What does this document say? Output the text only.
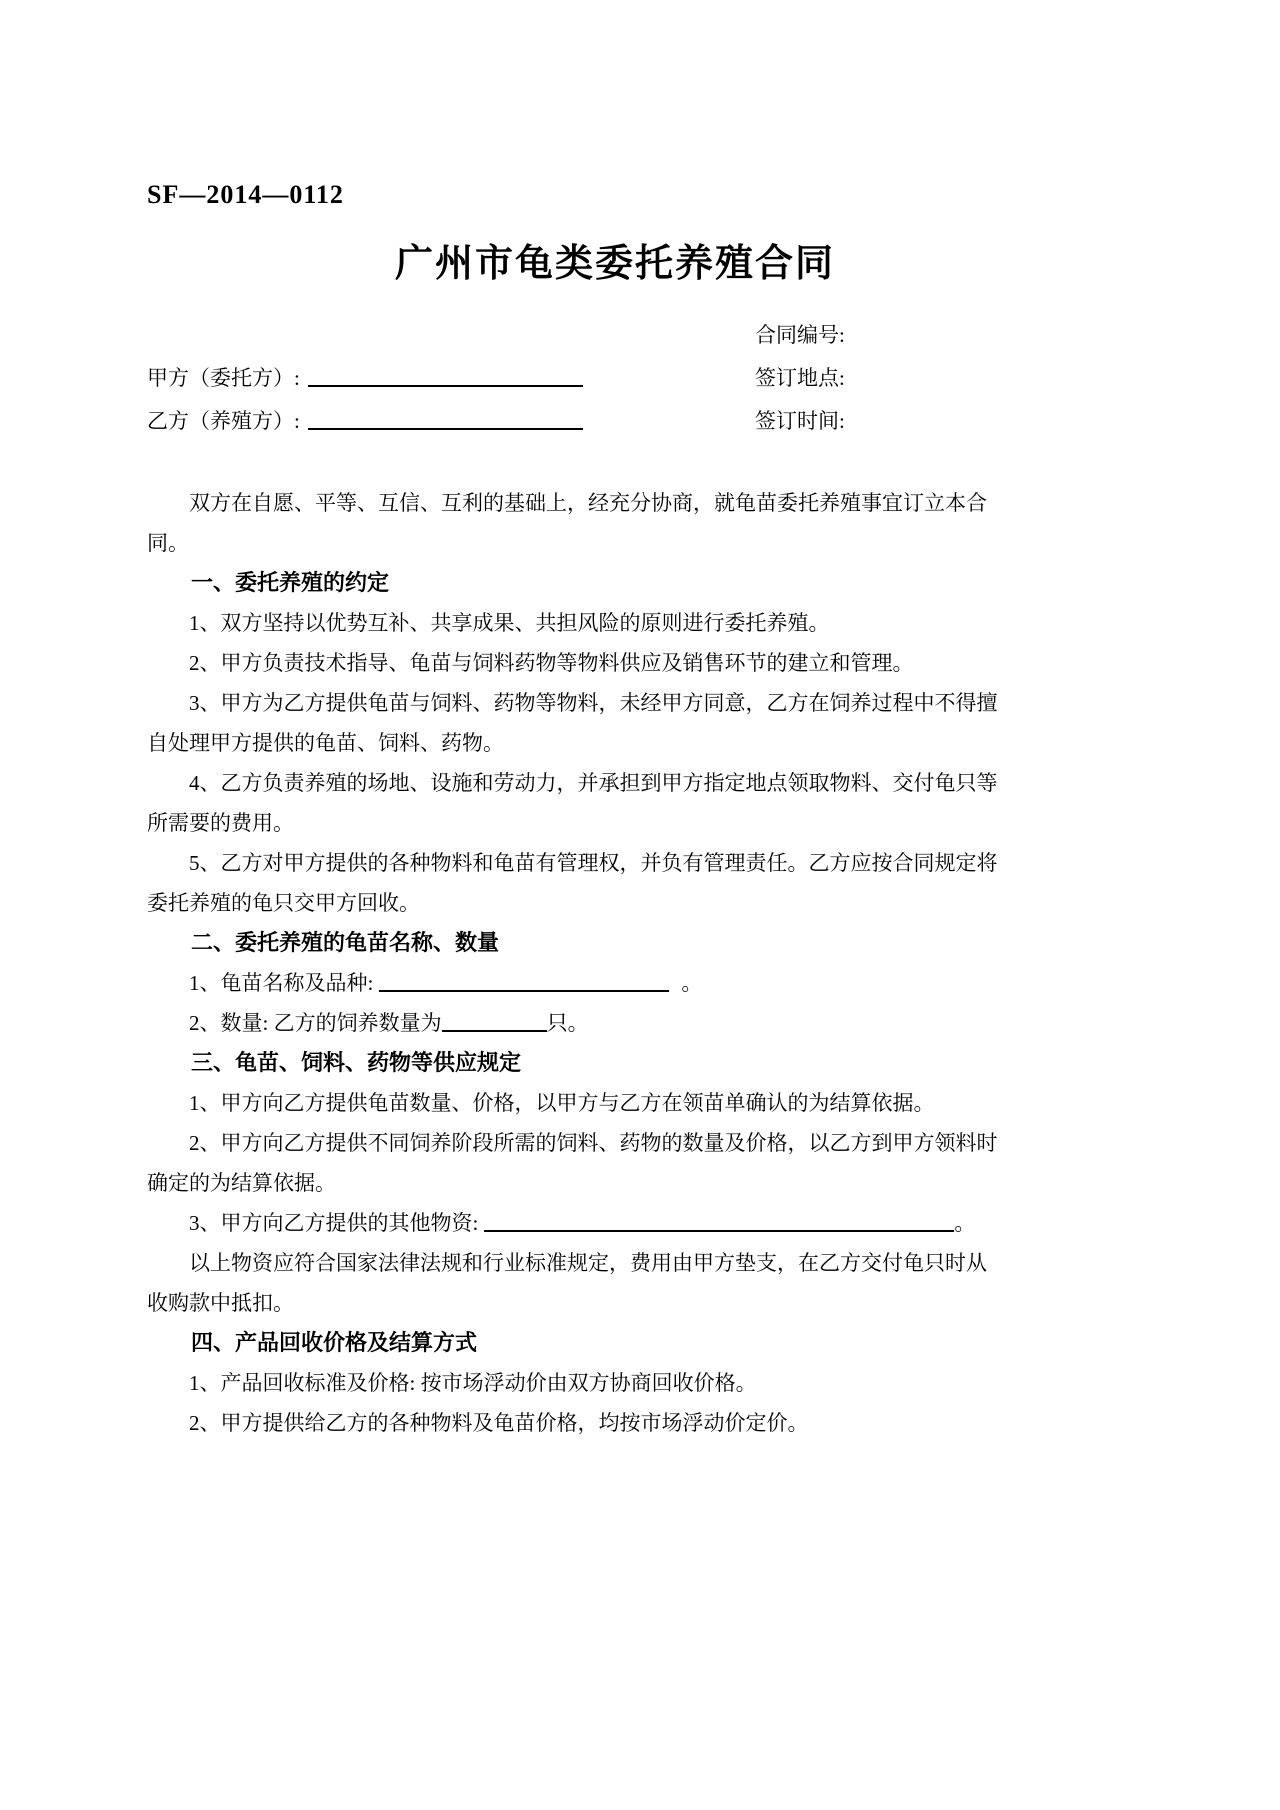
SF—2014—0112
广州市龟类委托养殖合同
合同编号:
甲方（委托方）:	签订地点:
乙方（养殖方）:	签订时间:

双方在自愿、平等、互信、互利的基础上，经充分协商，就龟苗委托养殖事宜订立本合同。

一、委托养殖的约定

1、双方坚持以优势互补、共享成果、共担风险的原则进行委托养殖。

2、甲方负责技术指导、龟苗与饲料药物等物料供应及销售环节的建立和管理。

3、甲方为乙方提供龟苗与饲料、药物等物料，未经甲方同意，乙方在饲养过程中不得擅自处理甲方提供的龟苗、饲料、药物。

4、乙方负责养殖的场地、设施和劳动力，并承担到甲方指定地点领取物料、交付龟只等所需要的费用。

5、乙方对甲方提供的各种物料和龟苗有管理权，并负有管理责任。乙方应按合同规定将委托养殖的龟只交甲方回收。

二、委托养殖的龟苗名称、数量

1、龟苗名称及品种:	。

2、数量: 乙方的饲养数量为	只。

三、龟苗、饲料、药物等供应规定

1、甲方向乙方提供龟苗数量、价格，以甲方与乙方在领苗单确认的为结算依据。

2、甲方向乙方提供不同饲养阶段所需的饲料、药物的数量及价格，以乙方到甲方领料时确定的为结算依据。

3、甲方向乙方提供的其他物资:	。

以上物资应符合国家法律法规和行业标准规定，费用由甲方垫支，在乙方交付龟只时从收购款中抵扣。

四、产品回收价格及结算方式

1、产品回收标准及价格: 按市场浮动价由双方协商回收价格。

2、甲方提供给乙方的各种物料及龟苗价格，均按市场浮动价定价。
